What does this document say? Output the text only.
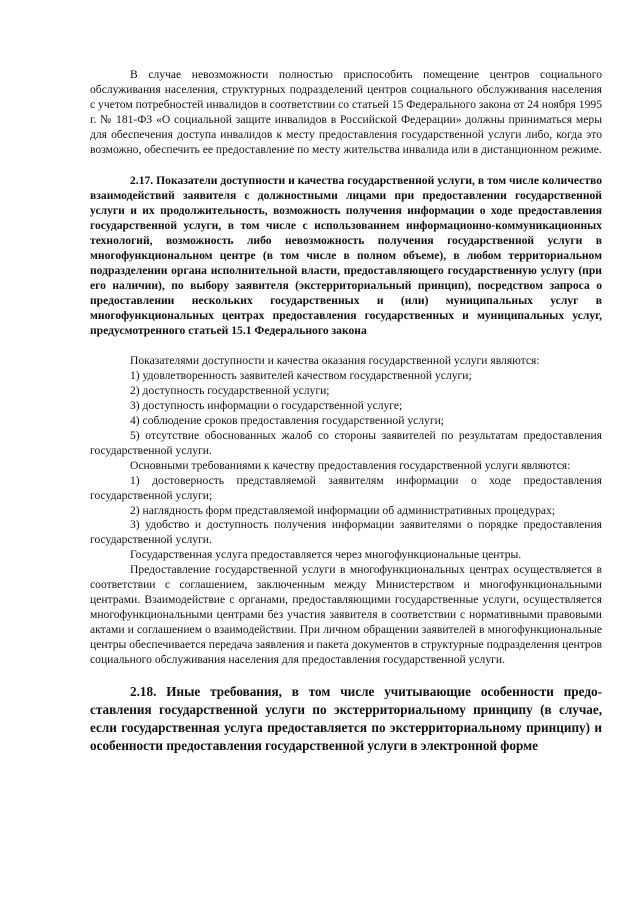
В случае невозможности полностью приспособить помещение центров социального обслуживания населения, структурных подразделений центров социального обслуживания населения с учетом потребностей инвалидов в соответствии со статьей 15 Федерального закона от 24 ноября 1995 г. № 181-ФЗ «О социальной защите инвалидов в Российской Федерации» должны приниматься меры для обеспечения доступа инвалидов к месту предоставления государственной услуги либо, когда это возможно, обеспечить ее предоставление по месту жительства инвалида или в дистанционном режиме.

2.17. Показатели доступности и качества государственной услуги, в том числе количество взаимодействий заявителя с должностными лицами при предоставлении государственной услуги и их продолжительность, возможность получения информации о ходе предоставления государственной услуги, в том числе с использованием информационно-коммуникационных технологий, возможность либо невозможность получения государственной услуги в многофункциональном центре (в том числе в полном объеме), в любом территориальном подразделении органа исполнительной власти, предоставляющего государственную услугу (при его наличии), по выбору заявителя (экстерриториальный принцип), посредством запроса о предоставлении нескольких государственных и (или) муниципальных услуг в многофункциональных центрах предоставления государственных и муниципальных услуг, предусмотренного статьей 15.1 Федерального закона

Показателями доступности и качества оказания государственной услуги являются:

1) удовлетворенность заявителей качеством государственной услуги;

2) доступность государственной услуги;

3) доступность информации о государственной услуге;

4) соблюдение сроков предоставления государственной услуги;

5) отсутствие обоснованных жалоб со стороны заявителей по результатам предоставления государственной услуги.

Основными требованиями к качеству предоставления государственной услуги являются:

1) достоверность представляемой заявителям информации о ходе предоставления государственной услуги;

2) наглядность форм представляемой информации об административных процедурах;

3) удобство и доступность получения информации заявителями о порядке предоставления государственной услуги.

Государственная услуга предоставляется через многофункциональные центры.

Предоставление государственной услуги в многофункциональных центрах осуществляется в соответствии с соглашением, заключенным между Министерством и многофункциональными центрами. Взаимодействие с органами, предоставляющими государственные услуги, осуществляется многофункциональными центрами без участия заявителя в соответствии с нормативными правовыми актами и соглашением о взаимодействии. При личном обращении заявителей в многофункциональные центры обеспечивается передача заявления и пакета документов в структурные подразделения центров социального обслуживания населения для предоставления государственной услуги.

2.18. Иные требования, в том числе учитывающие особенности предоставления государственной услуги по экстерриториальному принципу (в случае, если государственная услуга предоставляется по экстерриториальному принципу) и особенности предоставления государственной услуги в электронной форме
